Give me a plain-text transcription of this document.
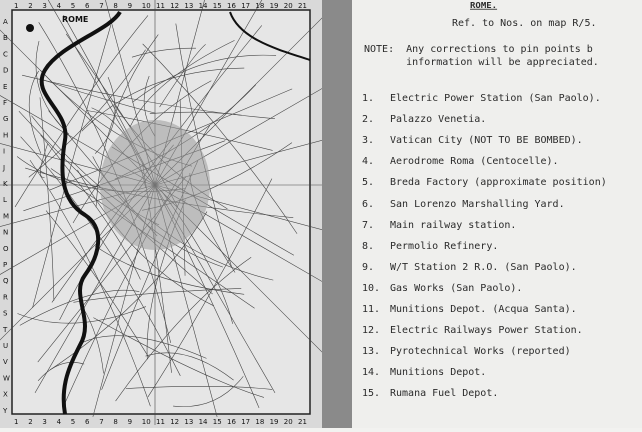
1 2 3 4 5 6 7 8 9 10 11 12 13 14 15 16 17 18 19 20 21
1 2 3 4 5 6 7 8 9 10 11 12 13 14 15 16 17 18 19 20 21
A
B
C
D
E
F
G
H
I
J
K
L
M
N
O
P
Q
R
S
T
U
V
W
X
Y
ROME
ROME.
Ref. to Nos. on map R/5.
NOTE:  Any corrections to pin points b
information will be appreciated.
1.	Electric Power Station (San Paolo).
2.	Palazzo Venetia.
3.	Vatican City (NOT TO BE BOMBED).
4.	Aerodrome Roma (Centocelle).
5.	Breda Factory (approximate position)
6.	San Lorenzo Marshalling Yard.
7.	Main railway station.
8.	Permolio Refinery.
9.	W/T Station 2 R.O. (San Paolo).
10. Gas Works (San Paolo).
11. Munitions Depot. (Acqua Santa).
12. Electric Railways Power Station.
13. Pyrotechnical Works (reported)
14. Munitions Depot.
15. Rumana Fuel Depot.
